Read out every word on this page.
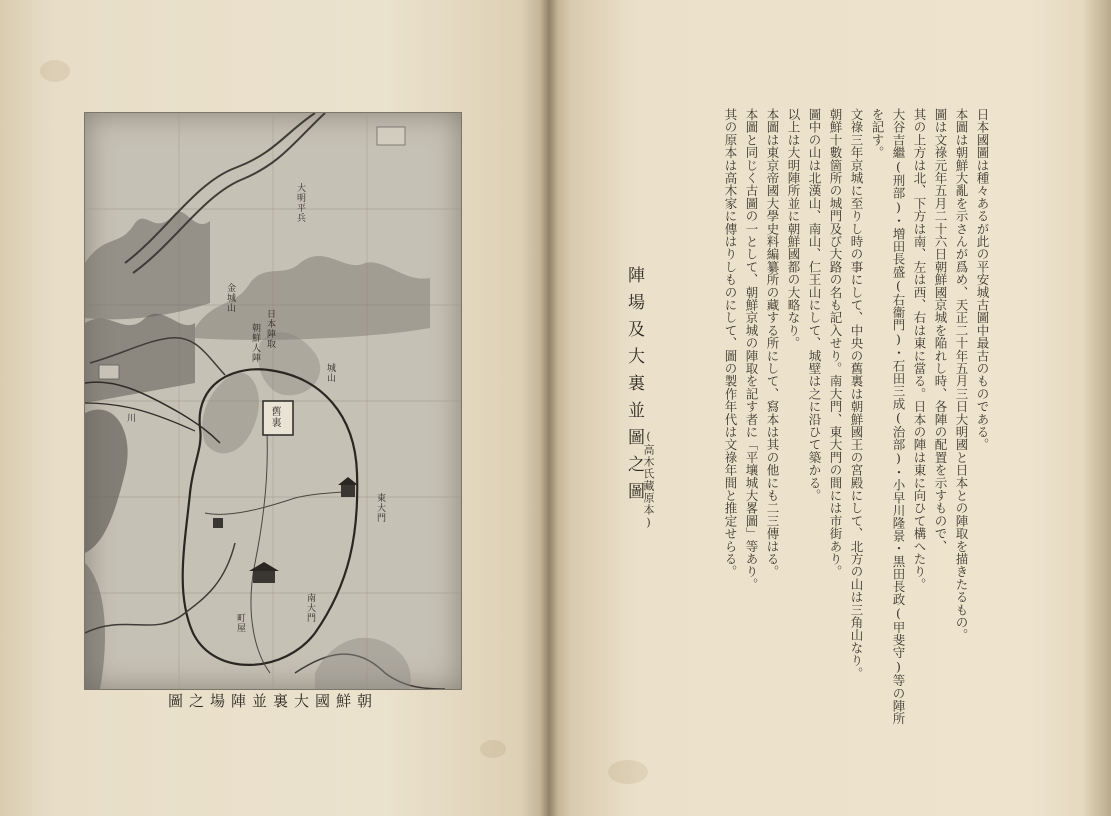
舊裏
金城山
大明平兵
日本陣取
朝鮮人陣
南大門
東大門
川
町屋
城山
朝鮮國大裏並陣場之圖

日本國圖は種々あるが此の平安城古圖中最古のものである。

本圖は朝鮮大亂を示さんが爲め、天正二十年五月三日大明國と日本との陣取を描きたるもの。

圖は文祿元年五月二十六日朝鮮國京城を陥れし時、各陣の配置を示すもので、

其の上方は北、下方は南、左は西、右は東に當る。日本の陣は東に向ひて構へたり。

大谷吉繼(刑部)・増田長盛(右衞門)・石田三成(治部)・小早川隆景・黒田長政(甲斐守)等の陣所を記す。

文祿三年京城に至りし時の事にして、中央の舊裏は朝鮮國王の宮殿にして、北方の山は三角山なり。

朝鮮十數箇所の城門及び大路の名も記入せり。南大門、東大門の間には市街あり。

圖中の山は北漢山、南山、仁王山にして、城壁は之に沿ひて築かる。

以上は大明陣所並に朝鮮國都の大略なり。

本圖は東京帝國大學史料編纂所の藏する所にして、寫本は其の他にも二三傳はる。

本圖と同じく古圖の一として、朝鮮京城の陣取を記す者に「平壤城大畧圖」等あり。

其の原本は高木家に傳はりしものにして、圖の製作年代は文祿年間と推定せらる。

陣場及大裏並圖之圖
(高木氏藏原本)
